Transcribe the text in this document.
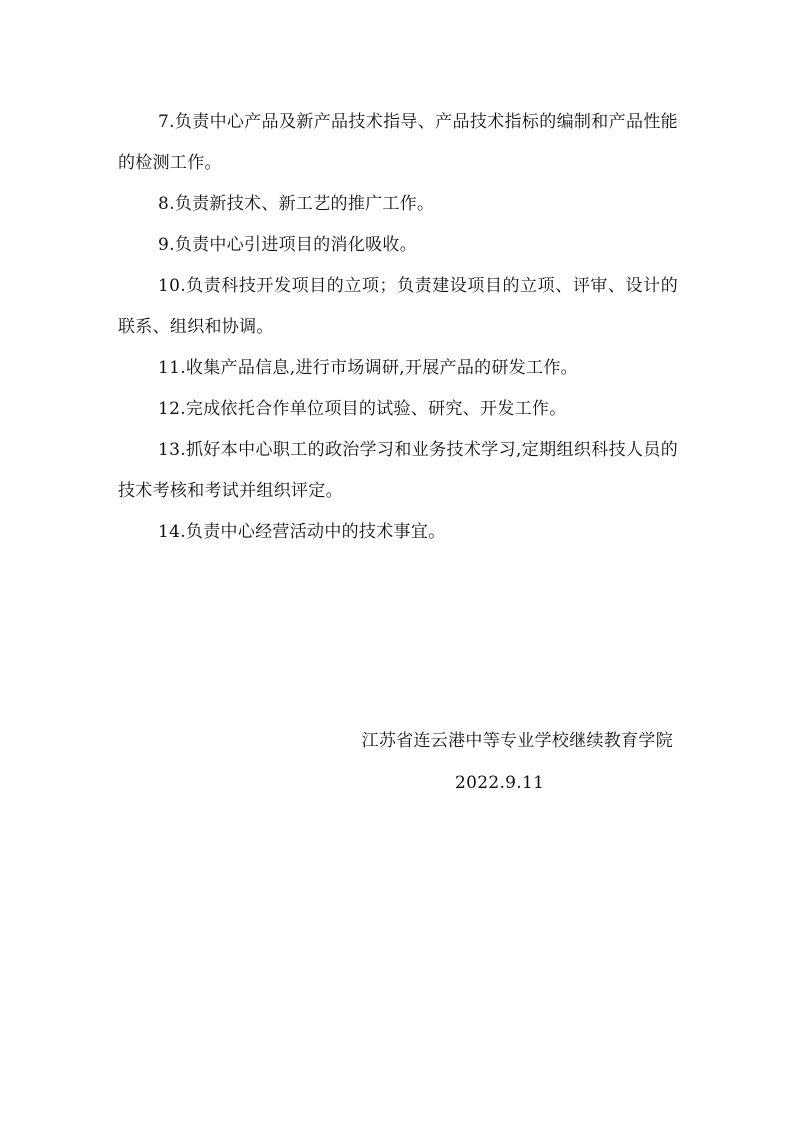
7.负责中心产品及新产品技术指导、产品技术指标的编制和产品性能的检测工作。

8.负责新技术、新工艺的推广工作。

9.负责中心引进项目的消化吸收。

10.负责科技开发项目的立项；负责建设项目的立项、评审、设计的联系、组织和协调。

11.收集产品信息,进行市场调研,开展产品的研发工作。

12.完成依托合作单位项目的试验、研究、开发工作。

13.抓好本中心职工的政治学习和业务技术学习,定期组织科技人员的技术考核和考试并组织评定。

14.负责中心经营活动中的技术事宜。

江苏省连云港中等专业学校继续教育学院
2022.9.11
